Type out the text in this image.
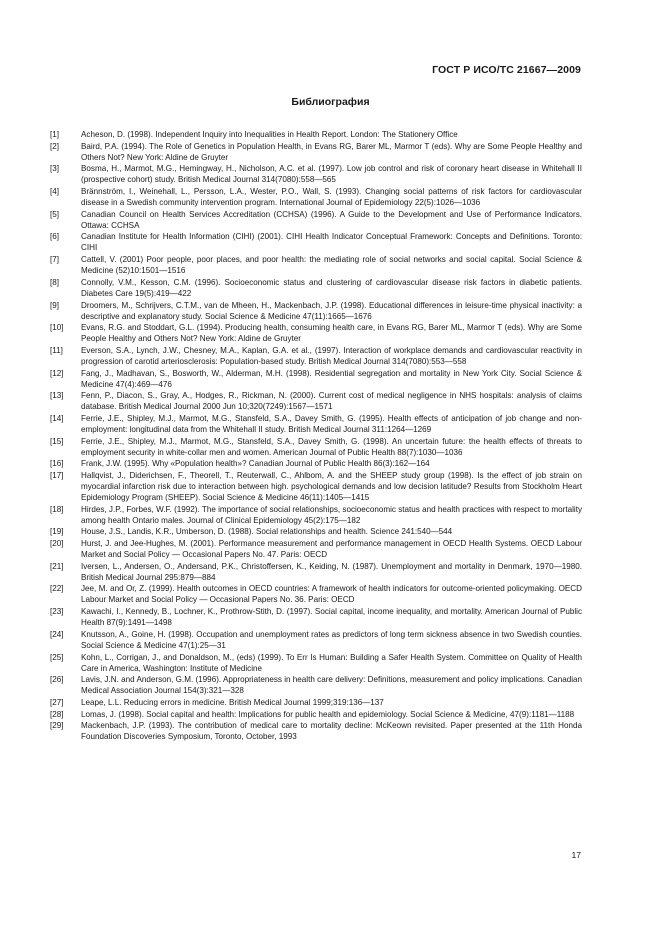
ГОСТ Р ИСО/ТС 21667—2009
Библиография
[1]	Acheson, D. (1998). Independent Inquiry into Inequalities in Health Report. London: The Stationery Office
[2]	Baird, P.A. (1994). The Role of Genetics in Population Health, in Evans RG, Barer ML, Marmor T (eds). Why are Some People Healthy and Others Not? New York: Aldine de Gruyter
[3]	Bosma, H., Marmot, M.G., Hemingway, H., Nicholson, A.C. et al. (1997). Low job control and risk of coronary heart disease in Whitehall II (prospective cohort) study. British Medical Journal 314(7080):558—565
[4]	Brännström, I., Weinehall, L., Persson, L.A., Wester, P.O., Wall, S. (1993). Changing social patterns of risk factors for cardiovascular disease in a Swedish community intervention program. International Journal of Epidemiology 22(5):1026—1036
[5]	Canadian Council on Health Services Accreditation (CCHSA) (1996). A Guide to the Development and Use of Performance Indicators. Ottawa: CCHSA
[6]	Canadian Institute for Health Information (CIHI) (2001). CIHI Health Indicator Conceptual Framework: Concepts and Definitions. Toronto: CIHI
[7]	Cattell, V. (2001) Poor people, poor places, and poor health: the mediating role of social networks and social capital. Social Science & Medicine (52)10:1501—1516
[8]	Connolly, V.M., Kesson, C.M. (1996). Socioeconomic status and clustering of cardiovascular disease risk factors in diabetic patients. Diabetes Care 19(5):419—422
[9]	Droomers, M., Schrijvers, C.T.M., van de Mheen, H., Mackenbach, J.P. (1998). Educational differences in leisure-time physical inactivity: a descriptive and explanatory study. Social Science & Medicine 47(11):1665—1676
[10]	Evans, R.G. and Stoddart, G.L. (1994). Producing health, consuming health care, in Evans RG, Barer ML, Marmor T (eds). Why are Some People Healthy and Others Not? New York: Aldine de Gruyter
[11]	Everson, S.A., Lynch, J.W., Chesney, M.A., Kaplan, G.A. et al., (1997). Interaction of workplace demands and cardiovascular reactivity in progression of carotid arteriosclerosis: Population-based study. British Medical Journal 314(7080):553—558
[12]	Fang, J., Madhavan, S., Bosworth, W., Alderman, M.H. (1998). Residential segregation and mortality in New York City. Social Science & Medicine 47(4):469—476
[13]	Fenn, P., Diacon, S., Gray, A., Hodges, R., Rickman, N. (2000). Current cost of medical negligence in NHS hospitals: analysis of claims database. British Medical Journal 2000 Jun 10;320(7249):1567—1571
[14]	Ferrie, J.E., Shipley, M.J., Marmot, M.G., Stansfeld, S.A., Davey Smith, G. (1995). Health effects of anticipation of job change and non-employment: longitudinal data from the Whitehall II study. British Medical Journal 311:1264—1269
[15]	Ferrie, J.E., Shipley, M.J., Marmot, M.G., Stansfeld, S.A., Davey Smith, G. (1998). An uncertain future: the health effects of threats to employment security in white-collar men and women. American Journal of Public Health 88(7):1030—1036
[16]	Frank, J.W. (1995). Why «Population health»? Canadian Journal of Public Health 86(3):162—164
[17]	Hallqvist, J., Diderichsen, F., Theorell, T., Reuterwall, C., Ahlbom, A. and the SHEEP study group (1998). Is the effect of job strain on myocardial infarction risk due to interaction between high. psychological demands and low decision latitude? Results from Stockholm Heart Epidemiology Program (SHEEP). Social Science & Medicine 46(11):1405—1415
[18]	Hirdes, J.P., Forbes, W.F. (1992). The importance of social relationships, socioeconomic status and health practices with respect to mortality among health Ontario males. Journal of Clinical Epidemiology 45(2):175—182
[19]	House, J.S., Landis, K.R., Umberson, D. (1988). Social relationships and health. Science 241:540—544
[20]	Hurst, J. and Jee-Hughes, M. (2001). Performance measurement and performance management in OECD Health Systems. OECD Labour Market and Social Policy — Occasional Papers No. 47. Paris: OECD
[21]	Iversen, L., Andersen, O., Andersand, P.K., Christoffersen, K., Keiding, N. (1987). Unemployment and mortality in Denmark, 1970—1980. British Medical Journal 295:879—884
[22]	Jee, M. and Or, Z. (1999). Health outcomes in OECD countries: A framework of health indicators for outcome-oriented policymaking. OECD Labour Market and Social Policy — Occasional Papers No. 36. Paris: OECD
[23]	Kawachi, I., Kennedy, B., Lochner, K., Prothrow-Stith, D. (1997). Social capital, income inequality, and mortality. American Journal of Public Health 87(9):1491—1498
[24]	Knutsson, A., Goine, H. (1998). Occupation and unemployment rates as predictors of long term sickness absence in two Swedish counties. Social Science & Medicine 47(1):25—31
[25]	Kohn, L., Corrigan, J., and Donaldson, M., (eds) (1999). To Err Is Human: Building a Safer Health System. Committee on Quality of Health Care in America, Washington: Institute of Medicine
[26]	Lavis, J.N. and Anderson, G.M. (1996). Appropriateness in health care delivery: Definitions, measurement and policy implications. Canadian Medical Association Journal 154(3):321—328
[27]	Leape, L.L. Reducing errors in medicine. British Medical Journal 1999;319:136—137
[28]	Lomas, J. (1998). Social capital and health: Implications for public health and epidemiology. Social Science & Medicine, 47(9):1181—1188
[29]	Mackenbach, J.P. (1993). The contribution of medical care to mortality decline: McKeown revisited. Paper presented at the 11th Honda Foundation Discoveries Symposium, Toronto, October, 1993
17
